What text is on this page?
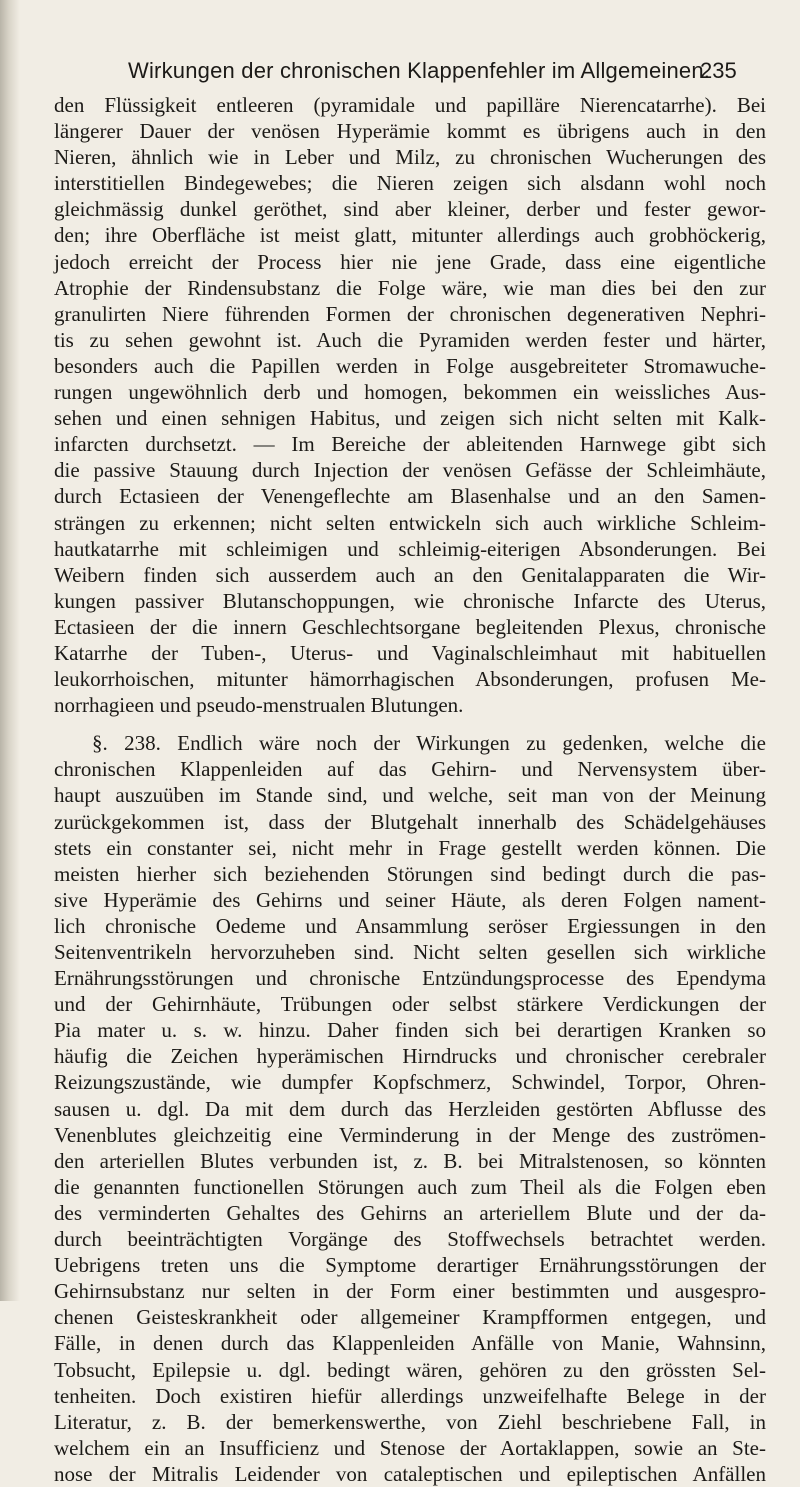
Wirkungen der chronischen Klappenfehler im Allgemeinen.
235
den Flüssigkeit entleeren (pyramidale und papilläre Nierencatarrhe). Bei
längerer Dauer der venösen Hyperämie kommt es übrigens auch in den
Nieren, ähnlich wie in Leber und Milz, zu chronischen Wucherungen des
interstitiellen Bindegewebes; die Nieren zeigen sich alsdann wohl noch
gleichmässig dunkel geröthet, sind aber kleiner, derber und fester gewor-
den; ihre Oberfläche ist meist glatt, mitunter allerdings auch grobhöckerig,
jedoch erreicht der Process hier nie jene Grade, dass eine eigentliche
Atrophie der Rindensubstanz die Folge wäre, wie man dies bei den zur
granulirten Niere führenden Formen der chronischen degenerativen Nephri-
tis zu sehen gewohnt ist. Auch die Pyramiden werden fester und härter,
besonders auch die Papillen werden in Folge ausgebreiteter Stromawuche-
rungen ungewöhnlich derb und homogen, bekommen ein weissliches Aus-
sehen und einen sehnigen Habitus, und zeigen sich nicht selten mit Kalk-
infarcten durchsetzt. — Im Bereiche der ableitenden Harnwege gibt sich
die passive Stauung durch Injection der venösen Gefässe der Schleimhäute,
durch Ectasieen der Venengeflechte am Blasenhalse und an den Samen-
strängen zu erkennen; nicht selten entwickeln sich auch wirkliche Schleim-
hautkatarrhe mit schleimigen und schleimig-eiterigen Absonderungen. Bei
Weibern finden sich ausserdem auch an den Genitalapparaten die Wir-
kungen passiver Blutanschoppungen, wie chronische Infarcte des Uterus,
Ectasieen der die innern Geschlechtsorgane begleitenden Plexus, chronische
Katarrhe der Tuben-, Uterus- und Vaginalschleimhaut mit habituellen
leukorrhoischen, mitunter hämorrhagischen Absonderungen, profusen Me-
norrhagieen und pseudo-menstrualen Blutungen.
§. 238. Endlich wäre noch der Wirkungen zu gedenken, welche die
chronischen Klappenleiden auf das Gehirn- und Nervensystem über-
haupt auszuüben im Stande sind, und welche, seit man von der Meinung
zurückgekommen ist, dass der Blutgehalt innerhalb des Schädelgehäuses
stets ein constanter sei, nicht mehr in Frage gestellt werden können. Die
meisten hierher sich beziehenden Störungen sind bedingt durch die pas-
sive Hyperämie des Gehirns und seiner Häute, als deren Folgen nament-
lich chronische Oedeme und Ansammlung seröser Ergiessungen in den
Seitenventrikeln hervorzuheben sind. Nicht selten gesellen sich wirkliche
Ernährungsstörungen und chronische Entzündungsprocesse des Ependyma
und der Gehirnhäute, Trübungen oder selbst stärkere Verdickungen der
Pia mater u. s. w. hinzu. Daher finden sich bei derartigen Kranken so
häufig die Zeichen hyperämischen Hirndrucks und chronischer cerebraler
Reizungszustände, wie dumpfer Kopfschmerz, Schwindel, Torpor, Ohren-
sausen u. dgl. Da mit dem durch das Herzleiden gestörten Abflusse des
Venenblutes gleichzeitig eine Verminderung in der Menge des zuströmen-
den arteriellen Blutes verbunden ist, z. B. bei Mitralstenosen, so könnten
die genannten functionellen Störungen auch zum Theil als die Folgen eben
des verminderten Gehaltes des Gehirns an arteriellem Blute und der da-
durch beeinträchtigten Vorgänge des Stoffwechsels betrachtet werden.
Uebrigens treten uns die Symptome derartiger Ernährungsstörungen der
Gehirnsubstanz nur selten in der Form einer bestimmten und ausgespro-
chenen Geisteskrankheit oder allgemeiner Krampfformen entgegen, und
Fälle, in denen durch das Klappenleiden Anfälle von Manie, Wahnsinn,
Tobsucht, Epilepsie u. dgl. bedingt wären, gehören zu den grössten Sel-
tenheiten. Doch existiren hiefür allerdings unzweifelhafte Belege in der
Literatur, z. B. der bemerkenswerthe, von Ziehl beschriebene Fall, in
welchem ein an Insufficienz und Stenose der Aortaklappen, sowie an Ste-
nose der Mitralis Leidender von cataleptischen und epileptischen Anfällen
